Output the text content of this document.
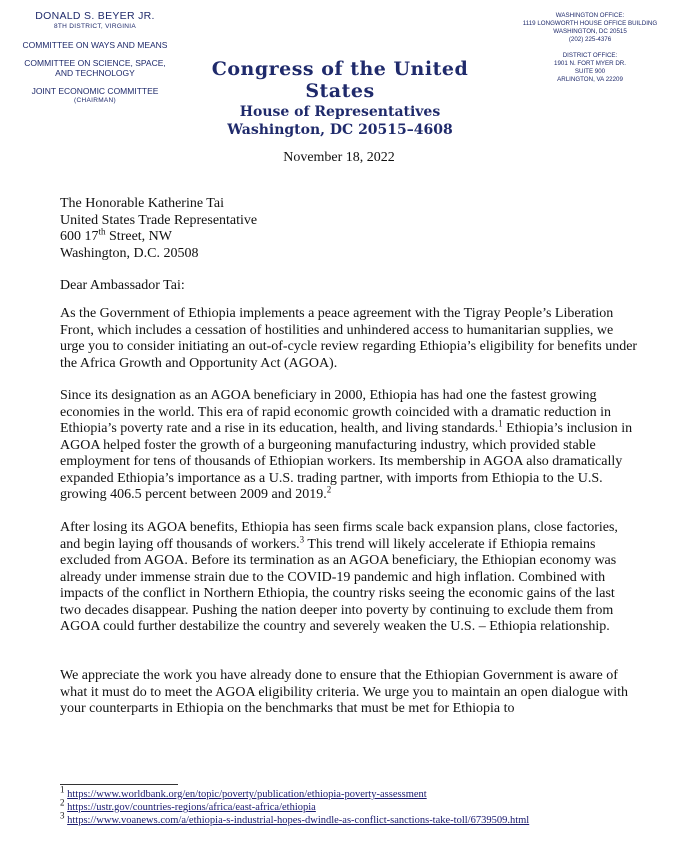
DONALD S. BEYER JR.
8TH DISTRICT, VIRGINIA
COMMITTEE ON WAYS AND MEANS
COMMITTEE ON SCIENCE, SPACE, AND TECHNOLOGY
JOINT ECONOMIC COMMITTEE
(CHAIRMAN)
WASHINGTON OFFICE:
1119 LONGWORTH HOUSE OFFICE BUILDING
WASHINGTON, DC 20515
(202) 225-4376
DISTRICT OFFICE:
1901 N. FORT MYER DR.
SUITE 900
ARLINGTON, VA 22209
Congress of the United States
House of Representatives
Washington, DC 20515–4608
November 18, 2022
The Honorable Katherine Tai
United States Trade Representative
600 17th Street, NW
Washington, D.C. 20508
Dear Ambassador Tai:

As the Government of Ethiopia implements a peace agreement with the Tigray People’s Liberation Front, which includes a cessation of hostilities and unhindered access to humanitarian supplies, we urge you to consider initiating an out-of-cycle review regarding Ethiopia’s eligibility for benefits under the Africa Growth and Opportunity Act (AGOA).

Since its designation as an AGOA beneficiary in 2000, Ethiopia has had one the fastest growing economies in the world. This era of rapid economic growth coincided with a dramatic reduction in Ethiopia’s poverty rate and a rise in its education, health, and living standards.$^1$ Ethiopia’s inclusion in AGOA helped foster the growth of a burgeoning manufacturing industry, which provided stable employment for tens of thousands of Ethiopian workers. Its membership in AGOA also dramatically expanded Ethiopia’s importance as a U.S. trading partner, with imports from Ethiopia to the U.S. growing 406.5 percent between 2009 and 2019.$^2$

After losing its AGOA benefits, Ethiopia has seen firms scale back expansion plans, close factories, and begin laying off thousands of workers.$^3$ This trend will likely accelerate if Ethiopia remains excluded from AGOA. Before its termination as an AGOA beneficiary, the Ethiopian economy was already under immense strain due to the COVID-19 pandemic and high inflation. Combined with impacts of the conflict in Northern Ethiopia, the country risks seeing the economic gains of the last two decades disappear. Pushing the nation deeper into poverty by continuing to exclude them from AGOA could further destabilize the country and severely weaken the U.S. – Ethiopia relationship.

We appreciate the work you have already done to ensure that the Ethiopian Government is aware of what it must do to meet the AGOA eligibility criteria. We urge you to maintain an open dialogue with your counterparts in Ethiopia on the benchmarks that must be met for Ethiopia to

$^1$ https://www.worldbank.org/en/topic/poverty/publication/ethiopia-poverty-assessment
$^2$ https://ustr.gov/countries-regions/africa/east-africa/ethiopia
$^3$ https://www.voanews.com/a/ethiopia-s-industrial-hopes-dwindle-as-conflict-sanctions-take-toll/6739509.html
